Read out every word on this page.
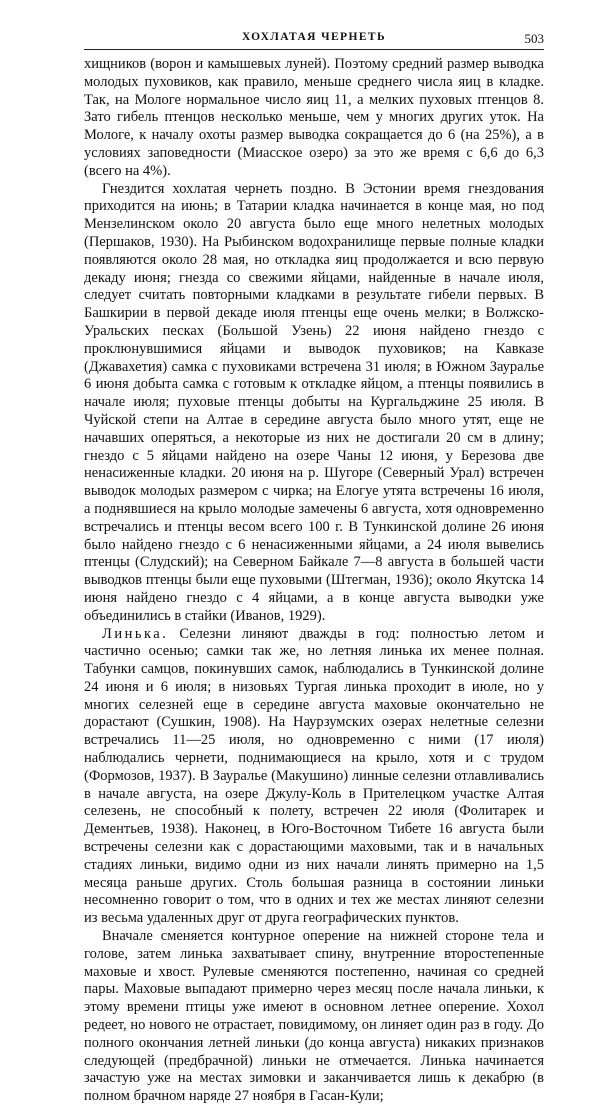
ХОХЛАТАЯ ЧЕРНЕТЬ	503

хищников (ворон и камышевых луней). Поэтому средний размер выводка молодых пуховиков, как правило, меньше среднего числа яиц в кладке. Так, на Мологе нормальное число яиц 11, а мелких пуховых птенцов 8. Зато гибель птенцов несколько меньше, чем у многих других уток. На Мологе, к началу охоты размер выводка сокращается до 6 (на 25%), а в условиях заповедности (Миасское озеро) за это же время с 6,6 до 6,3 (всего на 4%).

Гнездится хохлатая чернеть поздно. В Эстонии время гнездования приходится на июнь; в Татарии кладка начинается в конце мая, но под Мензелинском около 20 августа было еще много нелетных молодых (Першаков, 1930). На Рыбинском водохранилище первые полные кладки появляются около 28 мая, но откладка яиц продолжается и всю первую декаду июня; гнезда со свежими яйцами, найденные в начале июля, следует считать повторными кладками в результате гибели первых. В Башкирии в первой декаде июля птенцы еще очень мелки; в Волжско-Уральских песках (Большой Узень) 22 июня найдено гнездо с проклюнувшимися яйцами и выводок пуховиков; на Кавказе (Джавахетия) самка с пуховиками встречена 31 июля; в Южном Зауралье 6 июня добыта самка с готовым к откладке яйцом, а птенцы появились в начале июля; пуховые птенцы добыты на Кургальджине 25 июля. В Чуйской степи на Алтае в середине августа было много утят, еще не начавших оперяться, а некоторые из них не достигали 20 см в длину; гнездо с 5 яйцами найдено на озере Чаны 12 июня, у Березова две ненасиженные кладки. 20 июня на р. Шугоре (Северный Урал) встречен выводок молодых размером с чирка; на Елогуе утята встречены 16 июля, а поднявшиеся на крыло молодые замечены 6 августа, хотя одновременно встречались и птенцы весом всего 100 г. В Тункинской долине 26 июня было найдено гнездо с 6 ненасиженными яйцами, а 24 июля вывелись птенцы (Слудский); на Северном Байкале 7—8 августа в большей части выводков птенцы были еще пуховыми (Штегман, 1936); около Якутска 14 июня найдено гнездо с 4 яйцами, а в конце августа выводки уже объединились в стайки (Иванов, 1929).

Линька. Селезни линяют дважды в год: полностью летом и частично осенью; самки так же, но летняя линька их менее полная. Табунки самцов, покинувших самок, наблюдались в Тункинской долине 24 июня и 6 июля; в низовьях Тургая линька проходит в июле, но у многих селезней еще в середине августа маховые окончательно не дорастают (Сушкин, 1908). На Наурзумских озерах нелетные селезни встречались 11—25 июля, но одновременно с ними (17 июля) наблюдались чернети, поднимающиеся на крыло, хотя и с трудом (Формозов, 1937). В Зауралье (Макушино) линные селезни отлавливались в начале августа, на озере Джулу-Коль в Прителецком участке Алтая селезень, не способный к полету, встречен 22 июля (Фолитарек и Дементьев, 1938). Наконец, в Юго-Восточном Тибете 16 августа были встречены селезни как с дорастающими маховыми, так и в начальных стадиях линьки, видимо одни из них начали линять примерно на 1,5 месяца раньше других. Столь большая разница в состоянии линьки несомненно говорит о том, что в одних и тех же местах линяют селезни из весьма удаленных друг от друга географических пунктов.

Вначале сменяется контурное оперение на нижней стороне тела и голове, затем линька захватывает спину, внутренние второстепенные маховые и хвост. Рулевые сменяются постепенно, начиная со средней пары. Маховые выпадают примерно через месяц после начала линьки, к этому времени птицы уже имеют в основном летнее оперение. Хохол редеет, но нового не отрастает, повидимому, он линяет один раз в году. До полного окончания летней линьки (до конца августа) никаких признаков следующей (предбрачной) линьки не отмечается. Линька начинается зачастую уже на местах зимовки и заканчивается лишь к декабрю (в полном брачном наряде 27 ноября в Гасан-Кули;
